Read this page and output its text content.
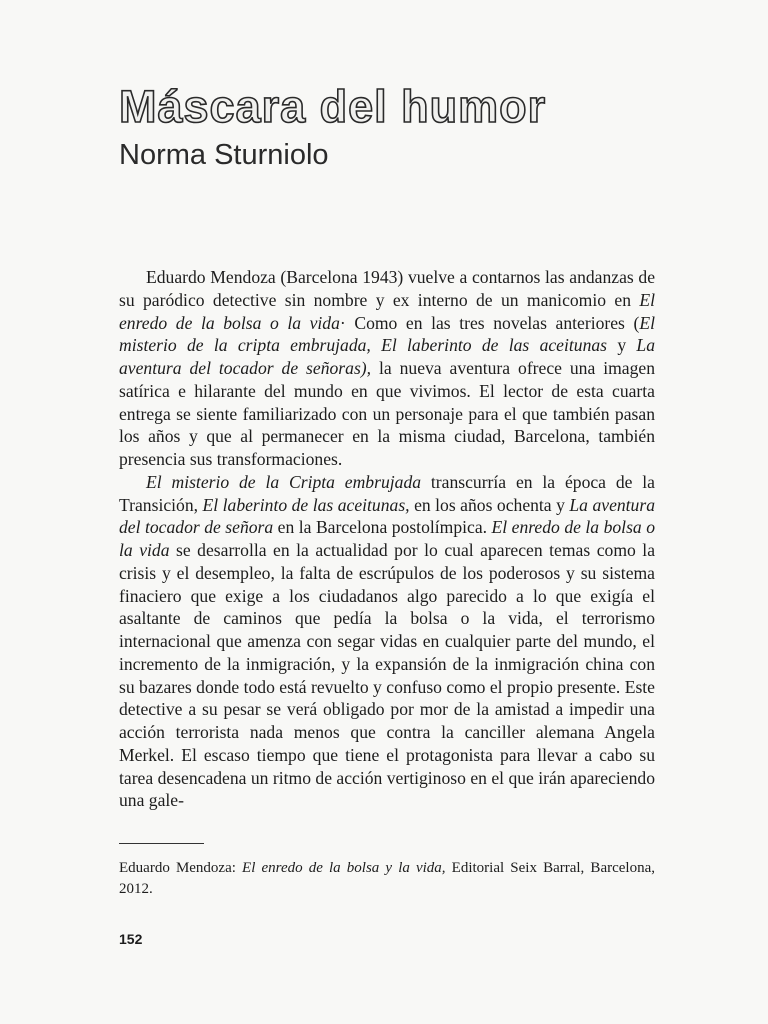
Máscara del humor
Norma Sturniolo

Eduardo Mendoza (Barcelona 1943) vuelve a contarnos las andanzas de su paródico detective sin nombre y ex interno de un manicomio en El enredo de la bolsa o la vida· Como en las tres novelas anteriores (El misterio de la cripta embrujada, El laberinto de las aceitunas y La aventura del tocador de señoras), la nueva aventura ofrece una imagen satírica e hilarante del mundo en que vivimos. El lector de esta cuarta entrega se siente familiarizado con un personaje para el que también pasan los años y que al permanecer en la misma ciudad, Barcelona, también presencia sus transformaciones.

El misterio de la Cripta embrujada transcurría en la época de la Transición, El laberinto de las aceitunas, en los años ochenta y La aventura del tocador de señora en la Barcelona postolímpica. El enredo de la bolsa o la vida se desarrolla en la actualidad por lo cual aparecen temas como la crisis y el desempleo, la falta de escrúpulos de los poderosos y su sistema finaciero que exige a los ciudadanos algo parecido a lo que exigía el asaltante de caminos que pedía la bolsa o la vida, el terrorismo internacional que amenza con segar vidas en cualquier parte del mundo, el incremento de la inmigración, y la expansión de la inmigración china con su bazares donde todo está revuelto y confuso como el propio presente. Este detective a su pesar se verá obligado por mor de la amistad a impedir una acción terrorista nada menos que contra la canciller alemana Angela Merkel. El escaso tiempo que tiene el protagonista para llevar a cabo su tarea desencadena un ritmo de acción vertiginoso en el que irán apareciendo una gale-

Eduardo Mendoza: El enredo de la bolsa y la vida, Editorial Seix Barral, Barcelona, 2012.
152
